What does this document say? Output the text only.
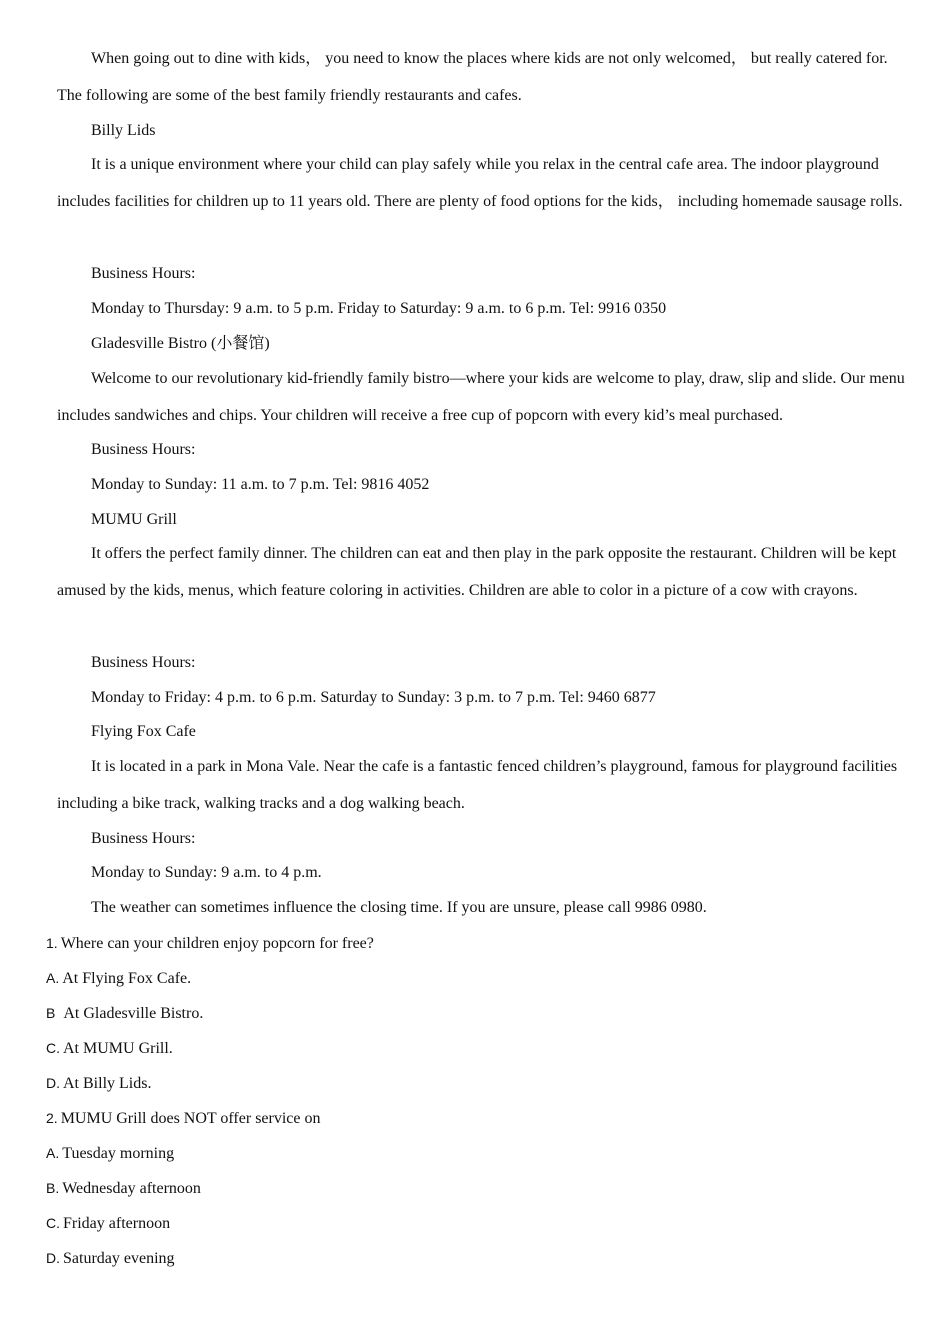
When going out to dine with kids， you need to know the places where kids are not only welcomed， but really catered for. The following are some of the best family friendly restaurants and cafes.

Billy Lids

It is a unique environment where your child can play safely while you relax in the central cafe area. The indoor playground includes facilities for children up to 11 years old. There are plenty of food options for the kids， including homemade sausage rolls.

Business Hours:

Monday to Thursday: 9 a.m. to 5 p.m. Friday to Saturday: 9 a.m. to 6 p.m. Tel: 9916 0350

Gladesville Bistro (小餐馆)

Welcome to our revolutionary kid-friendly family bistro—where your kids are welcome to play, draw, slip and slide. Our menu includes sandwiches and chips. Your children will receive a free cup of popcorn with every kid’s meal purchased.

Business Hours:

Monday to Sunday: 11 a.m. to 7 p.m. Tel: 9816 4052

MUMU Grill

It offers the perfect family dinner. The children can eat and then play in the park opposite the restaurant. Children will be kept amused by the kids, menus, which feature coloring in activities. Children are able to color in a picture of a cow with crayons.

Business Hours:

Monday to Friday: 4 p.m. to 6 p.m. Saturday to Sunday: 3 p.m. to 7 p.m. Tel: 9460 6877

Flying Fox Cafe

It is located in a park in Mona Vale. Near the cafe is a fantastic fenced children’s playground, famous for playground facilities including a bike track, walking tracks and a dog walking beach.

Business Hours:

Monday to Sunday: 9 a.m. to 4 p.m.

The weather can sometimes influence the closing time. If you are unsure, please call 9986 0980.

1. Where can your children enjoy popcorn for free?

A. At Flying Fox Cafe.

B At Gladesville Bistro.

C. At MUMU Grill.

D. At Billy Lids.

2. MUMU Grill does NOT offer service on

A. Tuesday morning

B. Wednesday afternoon

C. Friday afternoon

D. Saturday evening
